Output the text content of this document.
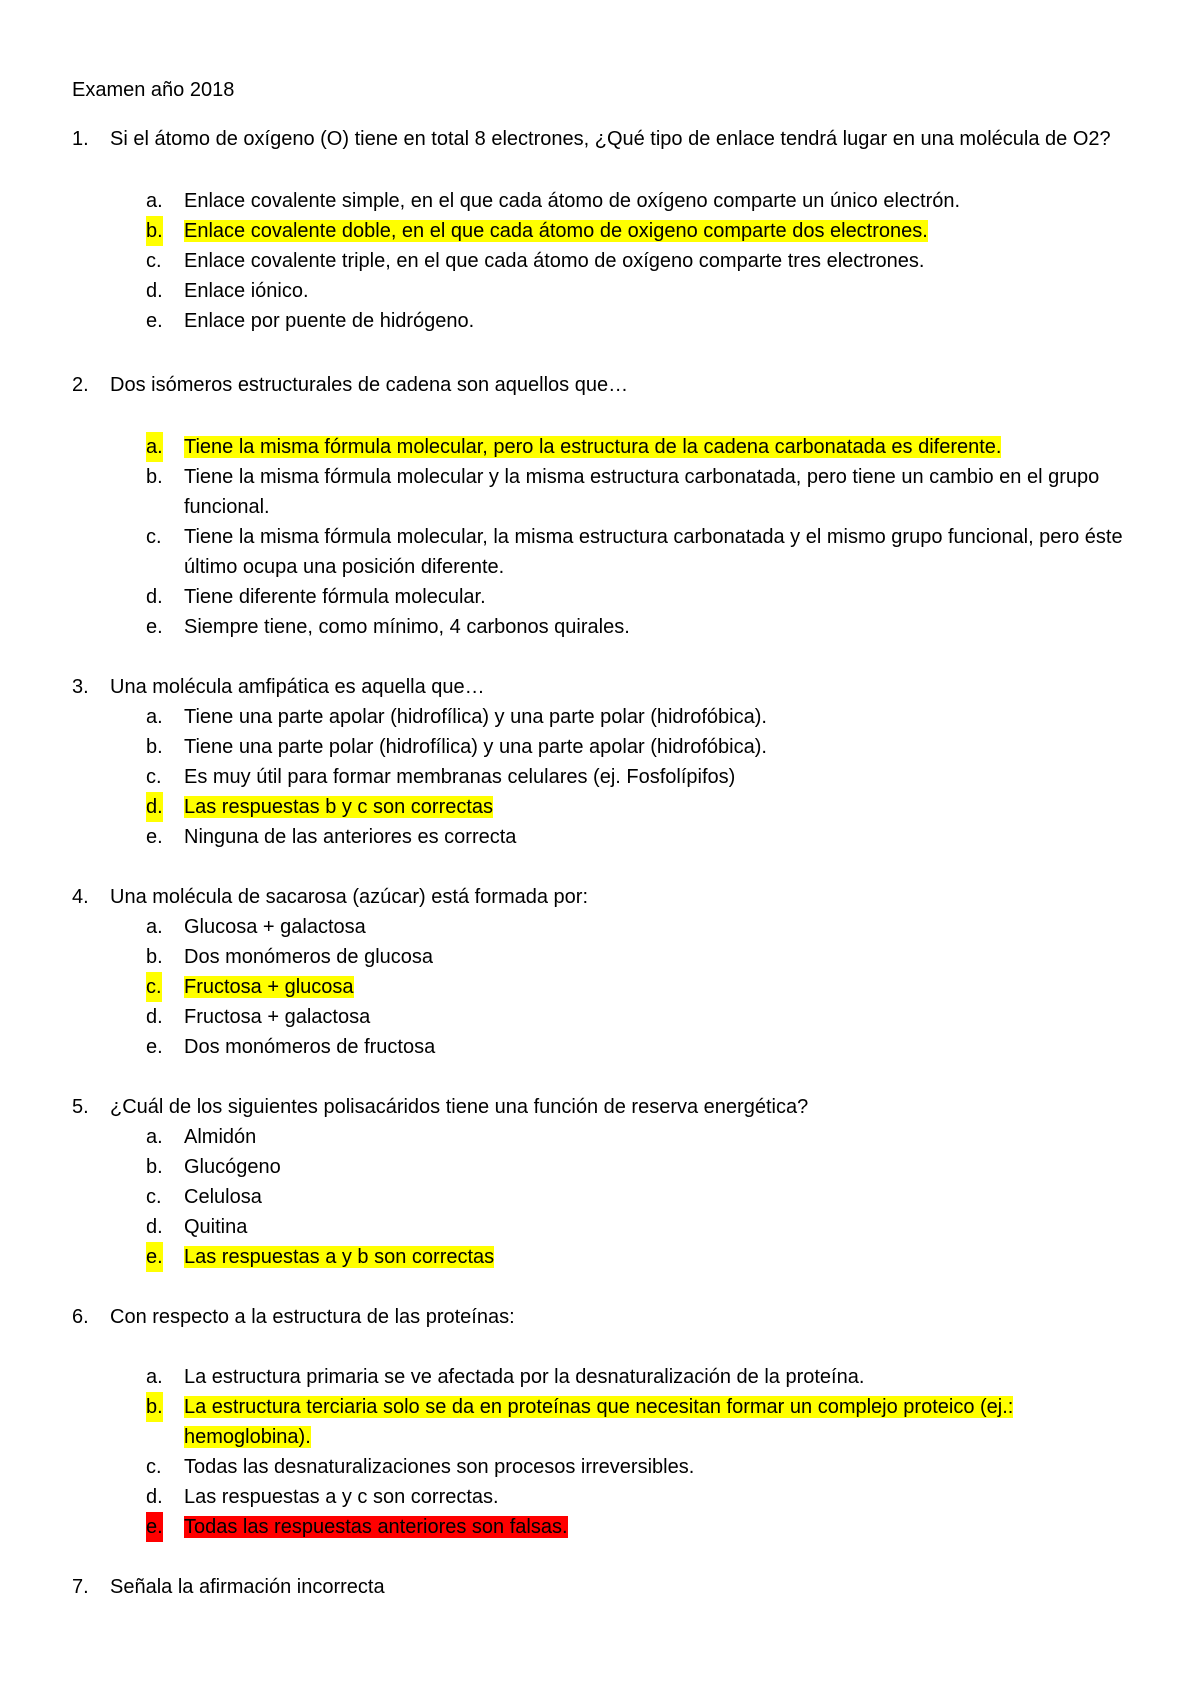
Examen año 2018
1. Si el átomo de oxígeno (O) tiene en total 8 electrones, ¿Qué tipo de enlace tendrá lugar en una molécula de O2?
a. Enlace covalente simple, en el que cada átomo de oxígeno comparte un único electrón.
b. Enlace covalente doble, en el que cada átomo de oxigeno comparte dos electrones.
c. Enlace covalente triple, en el que cada átomo de oxígeno comparte tres electrones.
d. Enlace iónico.
e. Enlace por puente de hidrógeno.
2. Dos isómeros estructurales de cadena son aquellos que…
a. Tiene la misma fórmula molecular, pero la estructura de la cadena carbonatada es diferente.
b. Tiene la misma fórmula molecular y la misma estructura carbonatada, pero tiene un cambio en el grupo funcional.
c. Tiene la misma fórmula molecular, la misma estructura carbonatada y el mismo grupo funcional, pero éste último ocupa una posición diferente.
d. Tiene diferente fórmula molecular.
e. Siempre tiene, como mínimo, 4 carbonos quirales.
3. Una molécula amfipática es aquella que…
a. Tiene una parte apolar (hidrofílica) y una parte polar (hidrofóbica).
b. Tiene una parte polar (hidrofílica) y una parte apolar (hidrofóbica).
c. Es muy útil para formar membranas celulares (ej. Fosfolípifos)
d. Las respuestas b y c son correctas
e. Ninguna de las anteriores es correcta
4. Una molécula de sacarosa (azúcar) está formada por:
a. Glucosa + galactosa
b. Dos monómeros de glucosa
c. Fructosa + glucosa
d. Fructosa + galactosa
e. Dos monómeros de fructosa
5. ¿Cuál de los siguientes polisacáridos tiene una función de reserva energética?
a. Almidón
b. Glucógeno
c. Celulosa
d. Quitina
e. Las respuestas a y b son correctas
6. Con respecto a la estructura de las proteínas:
a. La estructura primaria se ve afectada por la desnaturalización de la proteína.
b. La estructura terciaria solo se da en proteínas que necesitan formar un complejo proteico (ej.: hemoglobina).
c. Todas las desnaturalizaciones son procesos irreversibles.
d. Las respuestas a y c son correctas.
e. Todas las respuestas anteriores son falsas.
7. Señala la afirmación incorrecta
